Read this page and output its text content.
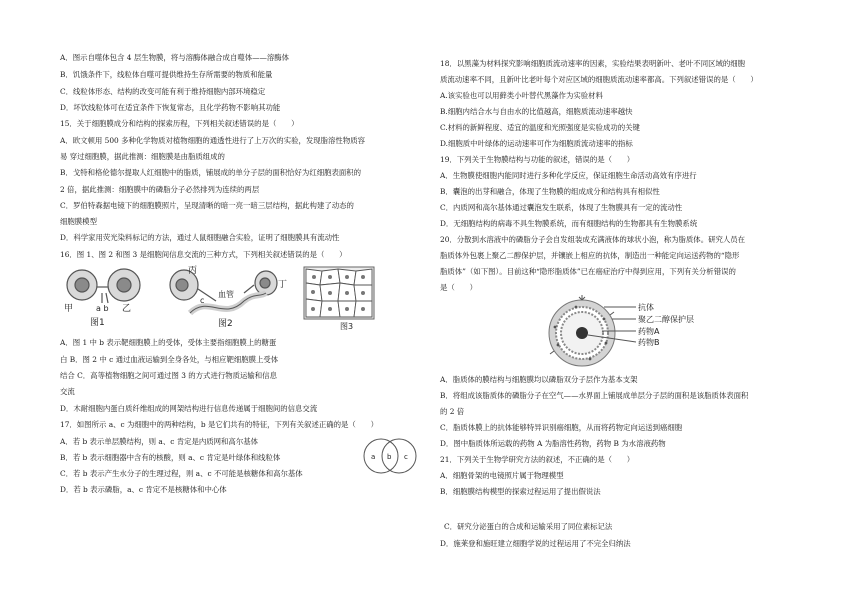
A．图示自噬体包含 4 层生物膜，将与溶酶体融合成自噬体——溶酶体
B．饥饿条件下，线粒体自噬可提供维持生存所需要的物质和能量
C．线粒体形态、结构的改变可能有利于维持细胞内部环境稳定
D．坏饮线粒体可在适宜条件下恢复常态，且化学药物不影响其功能
15．关于细胞膜成分和结构的探索历程，下列相关叙述错误的是（　　）
A．欧文顿用 500 多种化学物质对植物细胞的通透性进行了上万次的实验，发现脂溶性物质容
易 穿过细胞膜，据此推测：细胞膜是由脂质组成的
B．戈特和格伦德尔提取人红细胞中的脂质，铺展成的单分子层的面积恰好为红细胞表面积的
2 倍，据此推测：细胞膜中的磷脂分子必然排列为连续的两层
C．罗伯特森据电镜下的细胞膜照片，呈现清晰的暗一亮一暗三层结构，据此构建了动态的
细胞膜模型
D．科学家用荧光染料标记的方法，通过人鼠细胞融合实验，证明了细胞膜具有流动性
16．图 1、图 2 和图 3 是细胞间信息交流的三种方式，下列相关叙述错误的是（　　）
甲	a b 乙
图1
丙
血管
c
丁
图2	图3
A．图 1 中 b 表示靶细胞膜上的受体，受体主要指细胞膜上的糖蛋
白 B．图 2 中 c 通过血液运输到全身各处，与相应靶细胞膜上受体
结合 C．高等植物细胞之间可通过图 3 的方式进行物质运输和信息
交流
D．木耐细胞内蛋白质纤维组成的网架结构进行信息传递属于细胞间的信息交流
17．如图所示 a、c 为细胞中的两种结构，b 是它们共有的特征，下列有关叙述正确的是（　　）
a b c
A．若 b 表示单层膜结构，则 a、c 肯定是内质网和高尔基体
B．若 b 表示细胞器中含有的核酸，则 a、c 肯定是叶绿体和线粒体
C．若 b 表示产生水分子的生理过程，则 a、c 不可能是核糖体和高尔基体
D．若 b 表示磷脂，a、c 肯定不是核糖体和中心体
18．以黑藻为材料探究影响细胞质流动速率的因素，实验结果表明新叶、老叶不同区域的细胞
质流动速率不同，且新叶比老叶每个对应区域的细胞质流动速率都高。下列叙述错误的是（　　）
A.该实验也可以用藓类小叶替代黑藻作为实验材料
B.细胞内结合水与自由水的比值越高，细胞质流动速率越快
C.材料的新鲜程度、适宜的温度和光照强度是实验成功的关键
D.细胞质中叶绿体的运动速率可作为细胞质流动速率的指标
19．下列关于生物膜结构与功能的叙述，错误的是（　　）
A．生物膜使细胞内能同时进行多种化学反应，保证细胞生命活动高效有序进行
B．囊泡的出芽和融合，体现了生物膜的组成成分和结构具有相似性
C．内质网和高尔基体通过囊泡发生联系，体现了生物膜具有一定的流动性
D．无细胞结构的病毒不具生物膜系统，而有细胞结构的生物都具有生物膜系统
20．分散到水溶液中的磷脂分子会自发组装成充满液体的球状小泡，称为脂质体。研究人员在
脂质体外包裹上聚乙二醇保护层，并镶嵌上相应的抗体，制造出一种能定向运送药物的“隐形
脂质体”（如下图）。目前这种“隐形脂质体”已在癌症治疗中得到应用，下列有关分析错误的
是（　　）
抗体
聚乙二醇保护层
药物A
药物B
A．脂质体的膜结构与细胞膜均以磷脂双分子层作为基本支架
B．将组成该脂质体的磷脂分子在空气——水界面上铺展成单层分子层的面积是该脂质体表面积
的 2 倍
C．脂质体膜上的抗体能够特异识别癌细胞，从而将药物定向运送到癌细胞
D．图中脂质体所运载的药物 A 为脂溶性药物，药物 B 为水溶液药物
21．下列关于生物学研究方法的叙述，不正确的是（　　）
A．细胞骨架的电镜照片属于物理模型
B．细胞膜结构模型的探索过程运用了提出假说法
C．研究分泌蛋白的合成和运输采用了同位素标记法
D．施莱登和施旺建立细胞学说的过程运用了不完全归纳法
